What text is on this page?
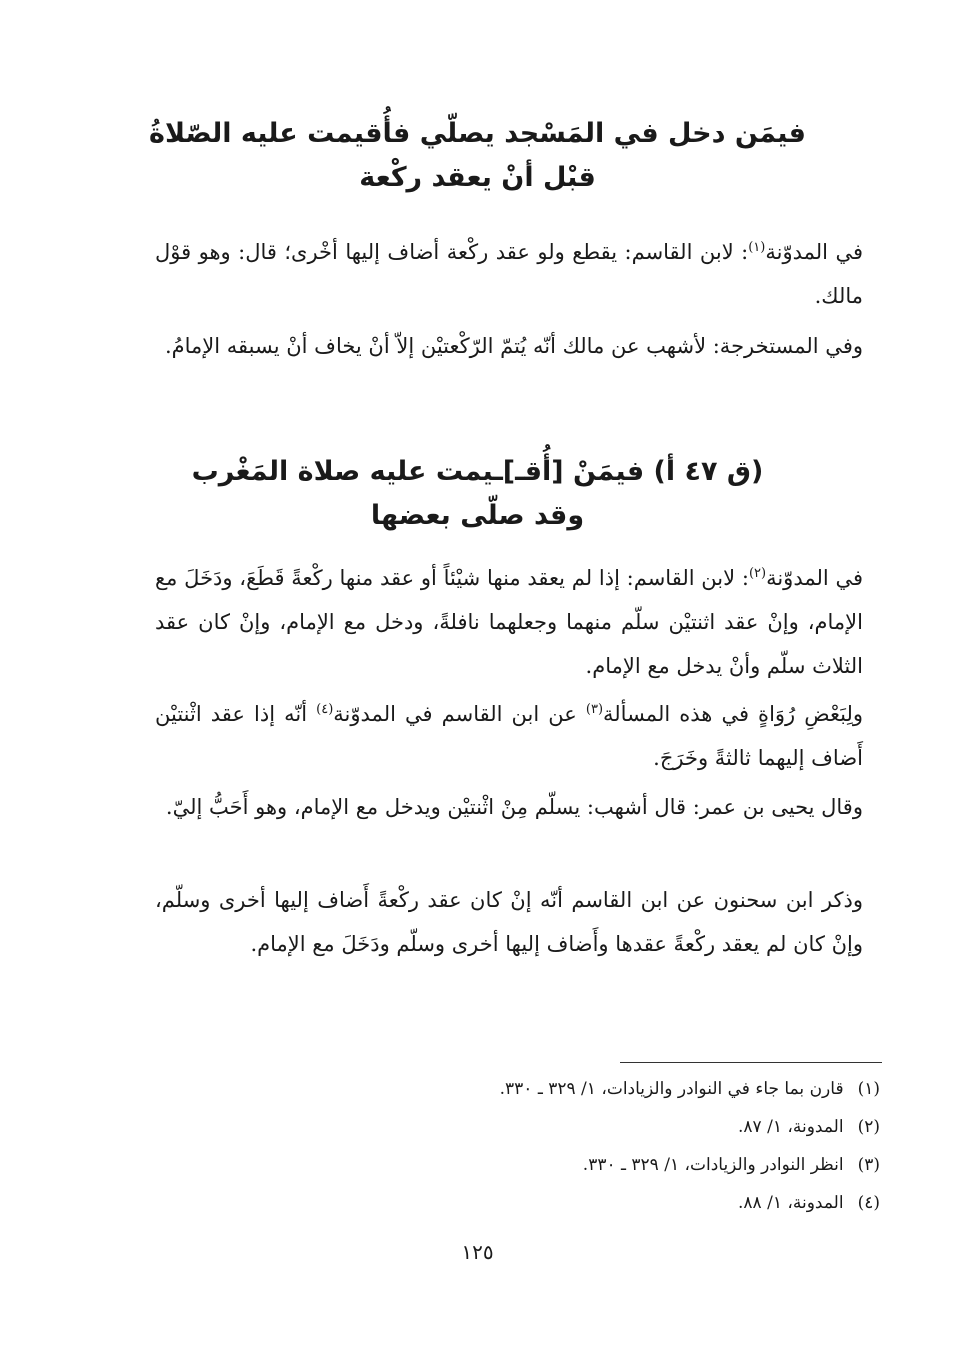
فيمَن دخل في المَسْجد يصلّي فأُقيمت عليه الصّلاةُ
قبْل أنْ يعقد ركْعة

في المدوّنة$^{(١)}$: لابن القاسم: يقطع ولو عقد ركْعة أضاف إليها أخْرى؛ قال: وهو قوْل مالك.

وفي المستخرجة: لأشهب عن مالك أنّه يُتمّ الرّكْعتيْن إلاّ أنْ يخاف أنْ يسبقه الإمامُ.

(ق ٤٧ أ) فيمَنْ [أُقـ]ـيمت عليه صلاة المَغْرب
وقد صلّى بعضها

في المدوّنة$^{(٢)}$: لابن القاسم: إذا لم يعقد منها شيْئاً أو عقد منها ركْعةً قَطَعَ، ودَخَلَ مع الإمام، وإنْ عقد اثنتيْن سلّم منهما وجعلهما نافلةً، ودخل مع الإمام، وإنْ كان عقد الثلاث سلّم وأنْ يدخل مع الإمام.

ولِبَعْضِ رُوَاةٍ في هذه المسألة$^{(٣)}$ عن ابن القاسم في المدوّنة$^{(٤)}$ أنّه إذا عقد اثْنتيْن أَضاف إليهما ثالثةً وخَرَجَ.

وقال يحيى بن عمر: قال أشهب: يسلّم مِنْ اثْنتيْن ويدخل مع الإمام، وهو أَحَبُّ إليّ.

وذكر ابن سحنون عن ابن القاسم أنّه إنْ كان عقد ركْعةً أَضاف إليها أخرى وسلّم، وإنْ كان لم يعقد ركْعةً عقدها وأَضاف إليها أخرى وسلّم ودَخَلَ مع الإمام.

(١)قارن بما جاء في النوادر والزيادات، ١/ ٣٢٩ ـ ٣٣٠.
(٢)المدونة، ١/ ٨٧.
(٣)انظر النوادر والزيادات، ١/ ٣٢٩ ـ ٣٣٠.
(٤)المدونة، ١/ ٨٨.
١٢٥
